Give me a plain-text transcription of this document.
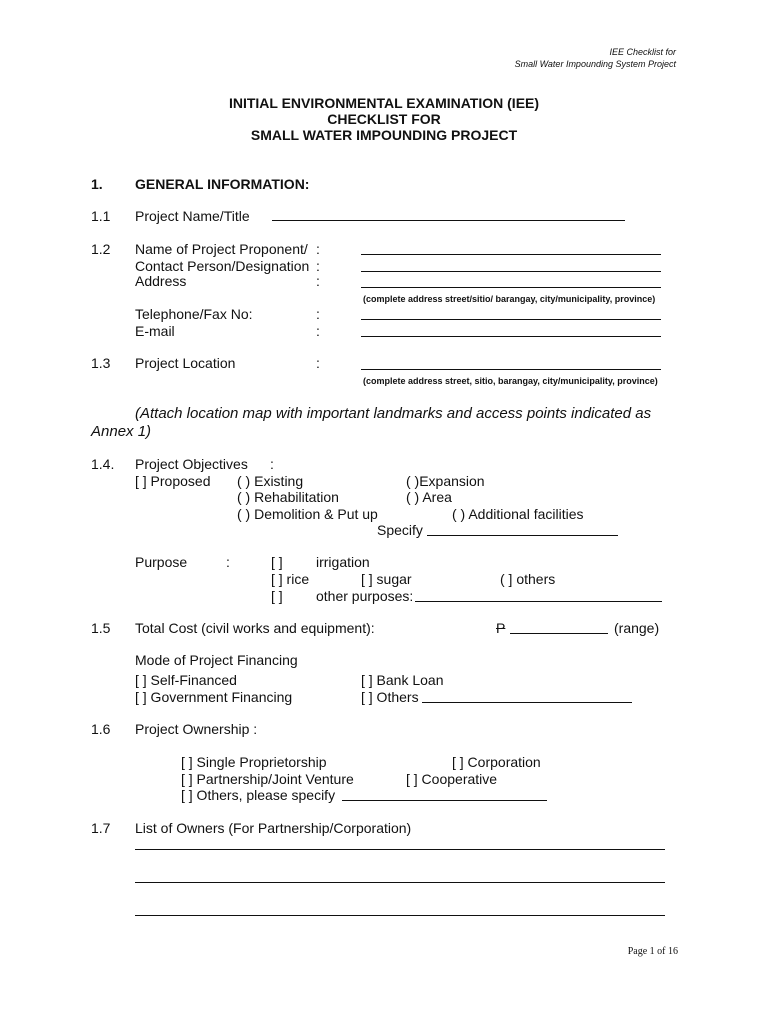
IEE Checklist for
Small Water Impounding System Project
INITIAL ENVIRONMENTAL EXAMINATION (IEE)
CHECKLIST FOR
SMALL WATER IMPOUNDING PROJECT
1. GENERAL INFORMATION:
1.1 Project Name/Title
1.2 Name of Project Proponent/ :
Contact Person/Designation :
Address	:
(complete address street/sitio/ barangay, city/municipality, province)
Telephone/Fax No:	:
E-mail	:
1.3 Project Location	:
(complete address street, sitio, barangay, city/municipality, province)
(Attach location map with important landmarks and access points indicated as
Annex 1)
1.4. Project Objectives :
[ ] Proposed ( ) Existing	( )Expansion
( ) Rehabilitation	( ) Area
( ) Demolition & Put up	( ) Additional facilities
Specify
Purpose	:	[ ] irrigation
[ ] rice	[ ] sugar	( ] others
[ ] other purposes:
1.5 Total Cost (civil works and equipment):	P	(range)
Mode of Project Financing
[ ] Self-Financed	[ ] Bank Loan
[ ] Government Financing	[ ] Others
1.6 Project Ownership :
[ ] Single Proprietorship	[ ] Corporation
[ ] Partnership/Joint Venture	[ ] Cooperative
[ ] Others, please specify
1.7 List of Owners (For Partnership/Corporation)
Page 1 of 16
